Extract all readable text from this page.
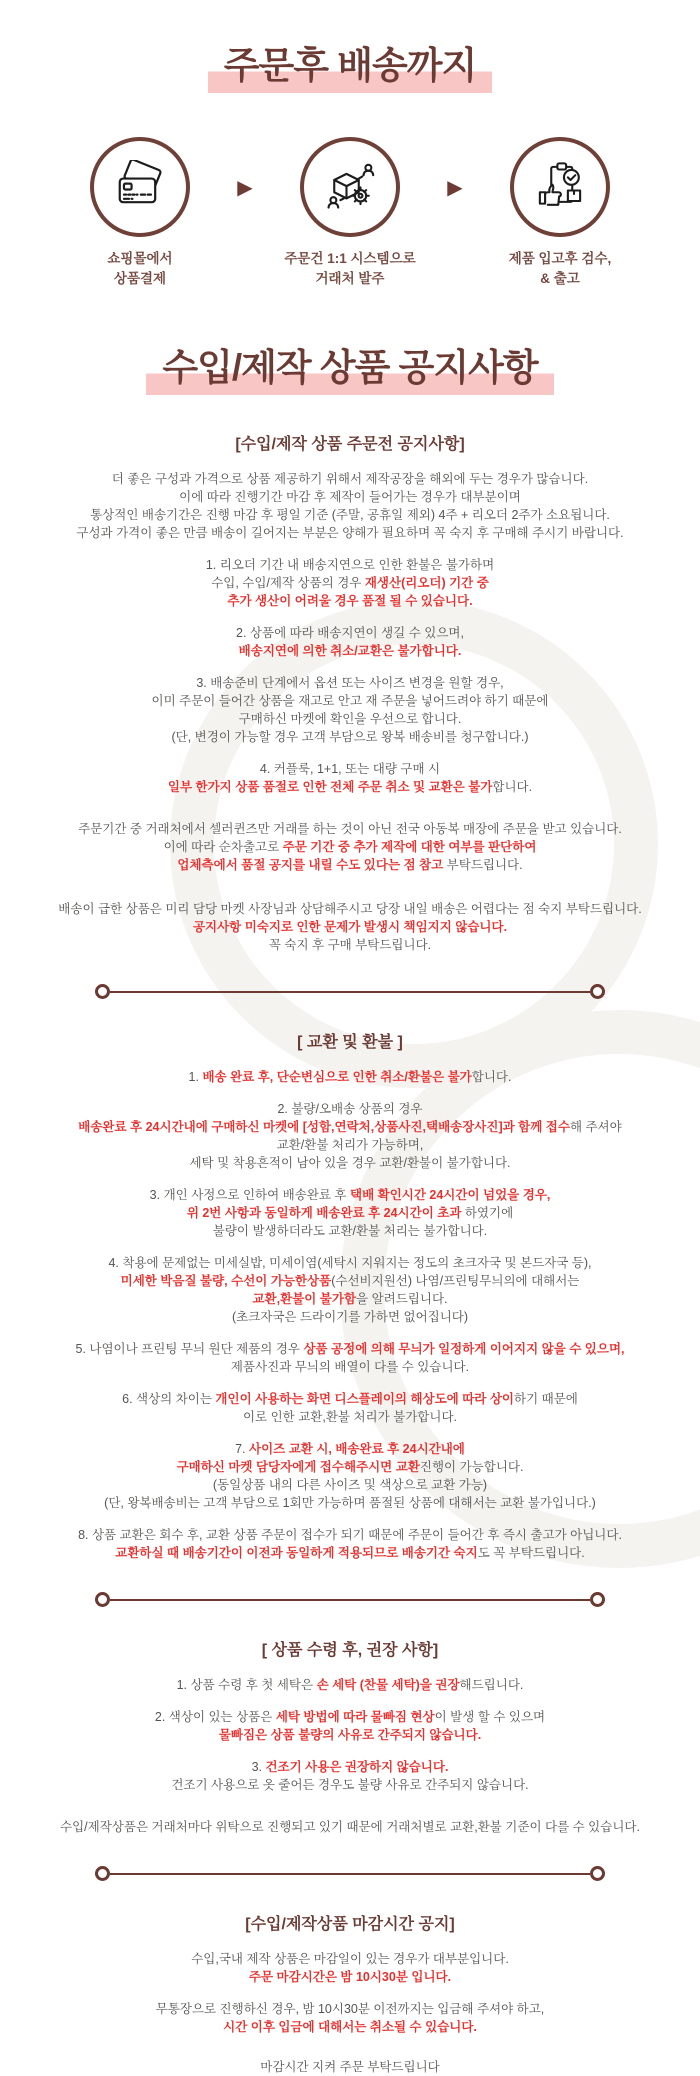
주문후 배송까지
쇼핑몰에서
상품결제
▶
주문건 1:1 시스템으로
거래처 발주
▶
제품 입고후 검수,
& 출고
수입/제작 상품 공지사항
[수입/제작 상품 주문전 공지사항]

더 좋은 구성과 가격으로 상품 제공하기 위해서 제작공장을 해외에 두는 경우가 많습니다.
이에 따라 진행기간 마감 후 제작이 들어가는 경우가 대부분이며
통상적인 배송기간은 진행 마감 후 평일 기준 (주말, 공휴일 제외) 4주 + 리오더 2주가 소요됩니다.
구성과 가격이 좋은 만큼 배송이 길어지는 부분은 양해가 필요하며 꼭 숙지 후 구매해 주시기 바랍니다.

1. 리오더 기간 내 배송지연으로 인한 환불은 불가하며
수입, 수입/제작 상품의 경우 재생산(리오더) 기간 중
추가 생산이 어려울 경우 품절 될 수 있습니다.

2. 상품에 따라 배송지연이 생길 수 있으며,
배송지연에 의한 취소/교환은 불가합니다.

3. 배송준비 단계에서 옵션 또는 사이즈 변경을 원할 경우,
이미 주문이 들어간 상품을 재고로 안고 재 주문을 넣어드려야 하기 때문에
구매하신 마켓에 확인을 우선으로 합니다.
(단, 변경이 가능할 경우 고객 부담으로 왕복 배송비를 청구합니다.)

4. 커플룩, 1+1, 또는 대량 구매 시
일부 한가지 상품 품절로 인한 전체 주문 취소 및 교환은 불가합니다.

주문기간 중 거래처에서 셀러퀸즈만 거래를 하는 것이 아닌 전국 아동복 매장에 주문을 받고 있습니다.
이에 따라 순차출고로 주문 기간 중 추가 제작에 대한 여부를 판단하여
업체측에서 품절 공지를 내릴 수도 있다는 점 참고 부탁드립니다.

배송이 급한 상품은 미리 담당 마켓 사장님과 상담해주시고 당장 내일 배송은 어렵다는 점 숙지 부탁드립니다.
공지사항 미숙지로 인한 문제가 발생시 책임지지 않습니다.
꼭 숙지 후 구매 부탁드립니다.

[ 교환 및 환불 ]

1. 배송 완료 후, 단순변심으로 인한 취소/환불은 불가합니다.

2. 불량/오배송 상품의 경우
배송완료 후 24시간내에 구매하신 마켓에 [성함,연락처,상품사진,택배송장사진]과 함께 접수해 주셔야
교환/환불 처리가 가능하며,
세탁 및 착용흔적이 남아 있을 경우 교환/환불이 불가합니다.

3. 개인 사정으로 인하여 배송완료 후 택배 확인시간 24시간이 넘었을 경우,
위 2번 사항과 동일하게 배송완료 후 24시간이 초과 하였기에
불량이 발생하더라도 교환/환불 처리는 불가합니다.

4. 착용에 문제없는 미세실밥, 미세이염(세탁시 지워지는 정도의 초크자국 및 본드자국 등),
미세한 박음질 불량, 수선이 가능한상품(수선비지원선) 나염/프린팅무늬의에 대해서는
교환,환불이 불가함을 알려드립니다.
(초크자국은 드라이기를 가하면 없어집니다)

5. 나염이나 프린팅 무늬 원단 제품의 경우 상품 공정에 의해 무늬가 일정하게 이어지지 않을 수 있으며,
제품사진과 무늬의 배열이 다를 수 있습니다.

6. 색상의 차이는 개인이 사용하는 화면 디스플레이의 해상도에 따라 상이하기 때문에
이로 인한 교환,환불 처리가 불가합니다.

7. 사이즈 교환 시, 배송완료 후 24시간내에
구매하신 마켓 담당자에게 접수해주시면 교환진행이 가능합니다.
(동일상품 내의 다른 사이즈 및 색상으로 교환 가능)
(단, 왕복배송비는 고객 부담으로 1회만 가능하며 품절된 상품에 대해서는 교환 불가입니다.)

8. 상품 교환은 회수 후, 교환 상품 주문이 접수가 되기 때문에 주문이 들어간 후 즉시 출고가 아닙니다.
교환하실 때 배송기간이 이전과 동일하게 적용되므로 배송기간 숙지도 꼭 부탁드립니다.

[ 상품 수령 후, 권장 사항]

1. 상품 수령 후 첫 세탁은 손 세탁 (찬물 세탁)을 권장해드립니다.

2. 색상이 있는 상품은 세탁 방법에 따라 물빠짐 현상이 발생 할 수 있으며
물빠짐은 상품 불량의 사유로 간주되지 않습니다.

3. 건조기 사용은 권장하지 않습니다.
건조기 사용으로 옷 줄어든 경우도 불량 사유로 간주되지 않습니다.

수입/제작상품은 거래처마다 위탁으로 진행되고 있기 때문에 거래처별로 교환,환불 기준이 다를 수 있습니다.

[수입/제작상품 마감시간 공지]

수입,국내 제작 상품은 마감일이 있는 경우가 대부분입니다.
주문 마감시간은 밤 10시30분 입니다.

무통장으로 진행하신 경우, 밤 10시30분 이전까지는 입금해 주셔야 하고,
시간 이후 입금에 대해서는 취소될 수 있습니다.

마감시간 지켜 주문 부탁드립니다
